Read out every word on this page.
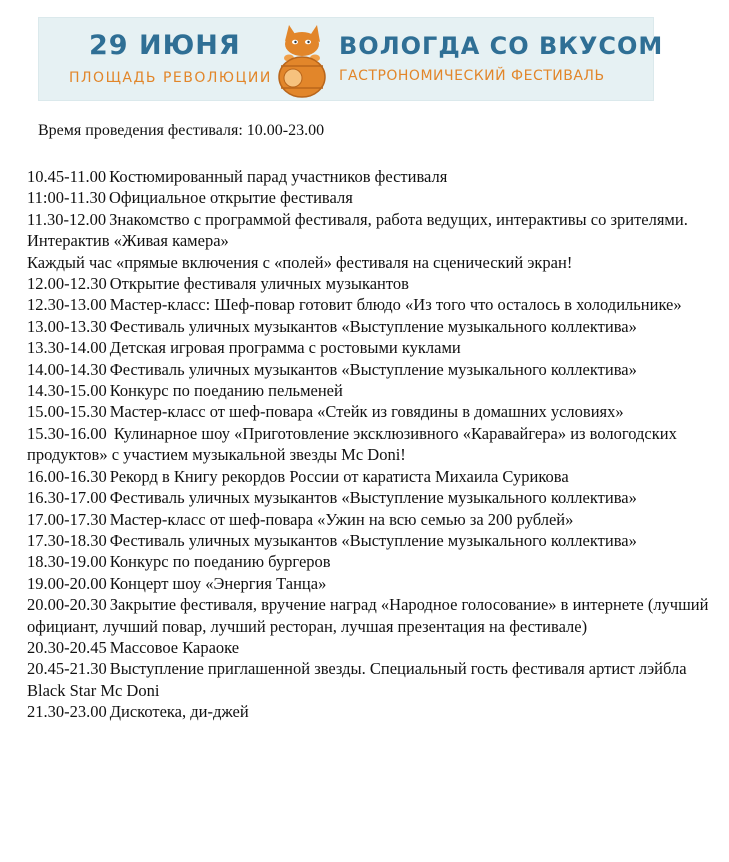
29 ИЮНЯ
ПЛОЩАДЬ РЕВОЛЮЦИИ
ВОЛОГДА СО ВКУСОМ
ГАСТРОНОМИЧЕСКИЙ ФЕСТИВАЛЬ
Время проведения фестиваля: 10.00-23.00
10.45-11.00 Костюмированный парад участников фестиваля
11:00-11.30 Официальное открытие фестиваля
11.30-12.00 Знакомство с программой фестиваля, работа ведущих, интерактивы со зрителями. Интерактив «Живая камера»
Каждый час «прямые включения с «полей» фестиваля на сценический экран!
12.00-12.30 Открытие фестиваля уличных музыкантов
12.30-13.00 Мастер-класс: Шеф-повар готовит блюдо «Из того что осталось в холодильнике»
13.00-13.30 Фестиваль уличных музыкантов «Выступление музыкального коллектива»
13.30-14.00 Детская игровая программа с ростовыми куклами
14.00-14.30 Фестиваль уличных музыкантов «Выступление музыкального коллектива»
14.30-15.00 Конкурс по поеданию пельменей
15.00-15.30 Мастер-класс от шеф-повара «Стейк из говядины в домашних условиях»
15.30-16.00 Кулинарное шоу «Приготовление эксклюзивного «Каравайгера» из вологодских продуктов» с участием музыкальной звезды Mc Doni!
16.00-16.30 Рекорд в Книгу рекордов России от каратиста Михаила Сурикова
16.30-17.00 Фестиваль уличных музыкантов «Выступление музыкального коллектива»
17.00-17.30 Мастер-класс от шеф-повара «Ужин на всю семью за 200 рублей»
17.30-18.30 Фестиваль уличных музыкантов «Выступление музыкального коллектива»
18.30-19.00 Конкурс по поеданию бургеров
19.00-20.00 Концерт шоу «Энергия Танца»
20.00-20.30 Закрытие фестиваля, вручение наград «Народное голосование» в интернете (лучший официант, лучший повар, лучший ресторан, лучшая презентация на фестивале)
20.30-20.45 Массовое Караоке
20.45-21.30 Выступление приглашенной звезды. Специальный гость фестиваля артист лэйбла Black Star Mc Doni
21.30-23.00 Дискотека, ди-джей
